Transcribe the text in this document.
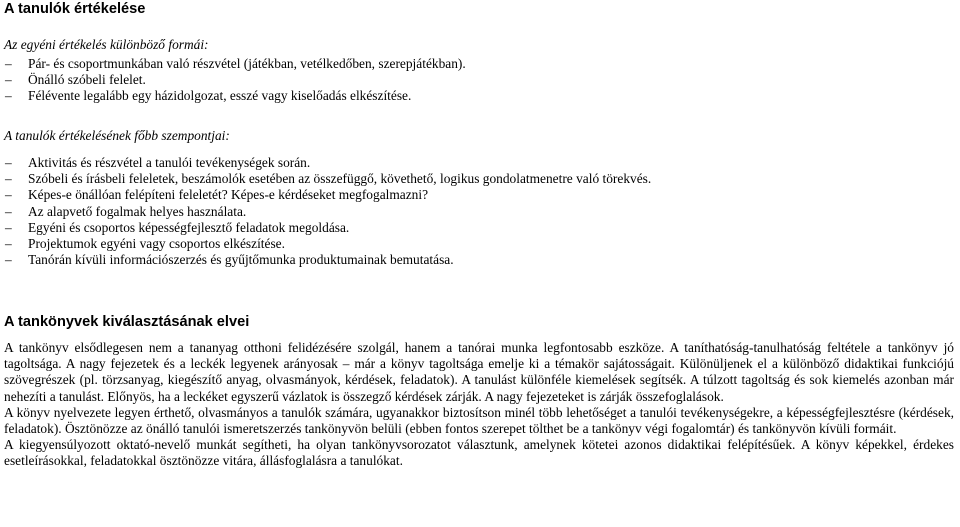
A tanulók értékelése
Az egyéni értékelés különböző formái:
–	Pár- és csoportmunkában való részvétel (játékban, vetélkedőben, szerepjátékban).
–	Önálló szóbeli felelet.
–	Félévente legalább egy házidolgozat, esszé vagy kiselőadás elkészítése.
A tanulók értékelésének főbb szempontjai:
–	Aktivitás és részvétel a tanulói tevékenységek során.
–	Szóbeli és írásbeli feleletek, beszámolók esetében az összefüggő, követhető, logikus gondolatmenetre való törekvés.
–	Képes-e önállóan felépíteni feleletét? Képes-e kérdéseket megfogalmazni?
–	Az alapvető fogalmak helyes használata.
–	Egyéni és csoportos képességfejlesztő feladatok megoldása.
–	Projektumok egyéni vagy csoportos elkészítése.
–	Tanórán kívüli információszerzés és gyűjtőmunka produktumainak bemutatása.
A tankönyvek kiválasztásának elvei

A tankönyv elsődlegesen nem a tananyag otthoni felidézésére szolgál, hanem a tanórai munka legfontosabb eszköze. A taníthatóság-tanulhatóság feltétele a tankönyv jó tagoltsága. A nagy fejezetek és a leckék legyenek arányosak – már a könyv tagoltsága emelje ki a témakör sajátosságait. Különüljenek el a különböző didaktikai funkciójú szövegrészek (pl. törzsanyag, kiegészítő anyag, olvasmányok, kérdések, feladatok). A tanulást különféle kiemelések segítsék. A túlzott tagoltság és sok kiemelés azonban már nehezíti a tanulást. Előnyös, ha a leckéket egyszerű vázlatok is összegző kérdések zárják. A nagy fejezeteket is zárják összefoglalások.

A könyv nyelvezete legyen érthető, olvasmányos a tanulók számára, ugyanakkor biztosítson minél több lehetőséget a tanulói tevékenységekre, a képességfejlesztésre (kérdések, feladatok). Ösztönözze az önálló tanulói ismeretszerzés tankönyvön belüli (ebben fontos szerepet tölthet be a tankönyv végi fogalomtár) és tankönyvön kívüli formáit.

A kiegyensúlyozott oktató-nevelő munkát segítheti, ha olyan tankönyvsorozatot választunk, amelynek kötetei azonos didaktikai felépítésűek. A könyv képekkel, érdekes esetleírásokkal, feladatokkal ösztönözze vitára, állásfoglalásra a tanulókat.
